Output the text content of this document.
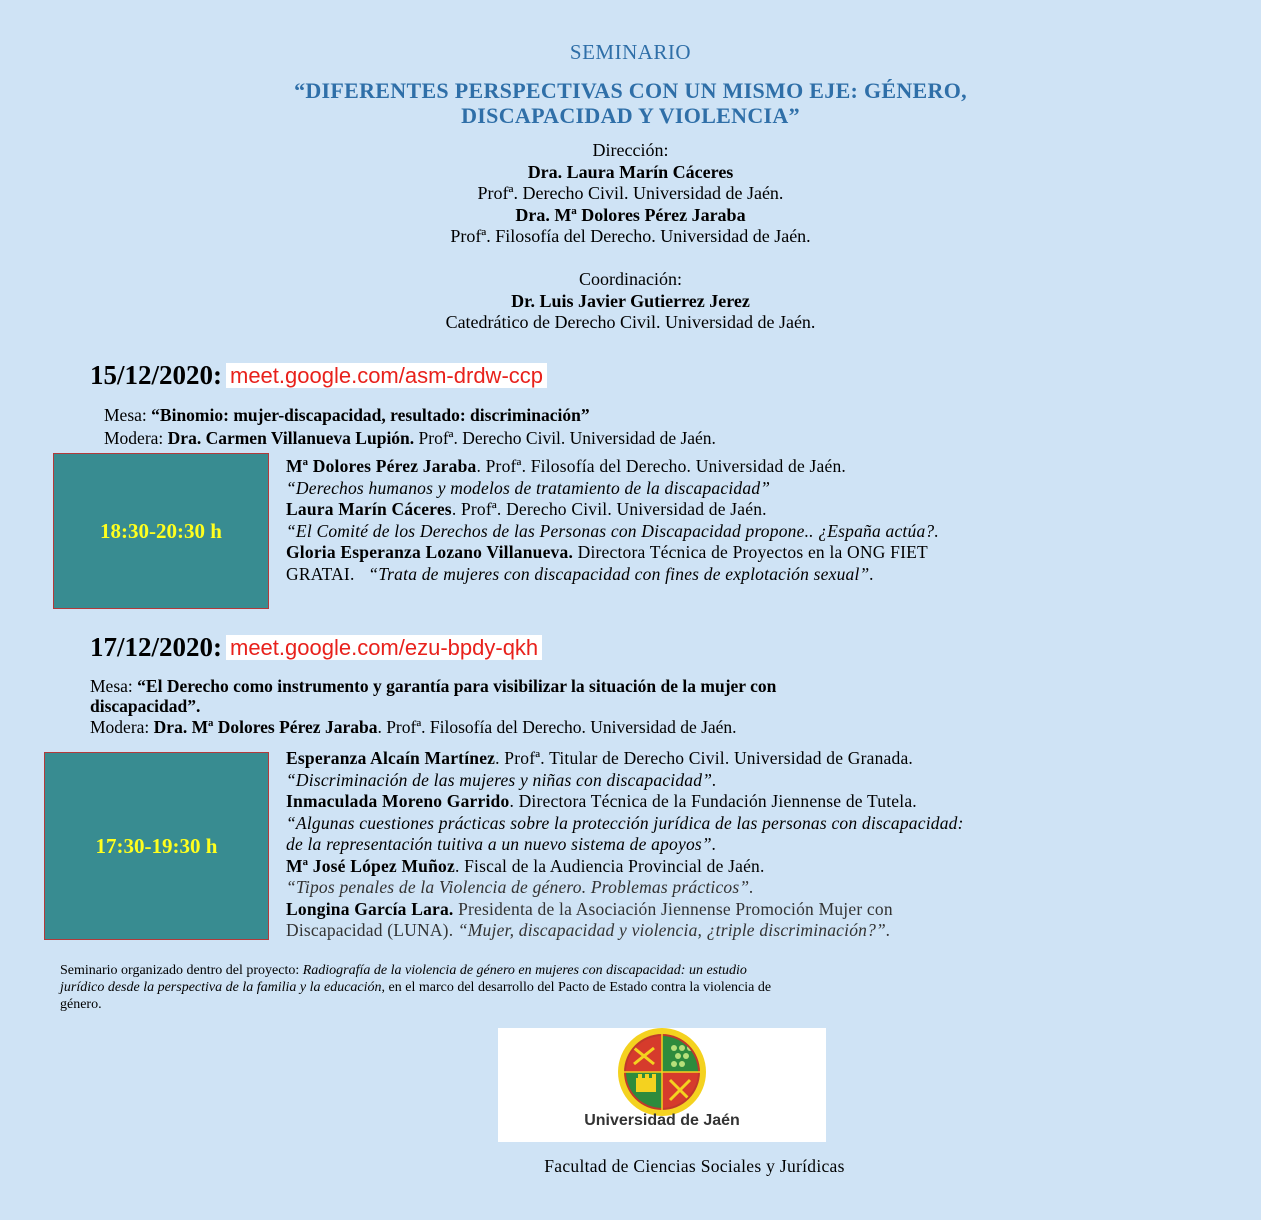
SEMINARIO
“DIFERENTES PERSPECTIVAS CON UN MISMO EJE: GÉNERO,
DISCAPACIDAD Y VIOLENCIA”
Dirección:
Dra. Laura Marín Cáceres
Profª. Derecho Civil. Universidad de Jaén.
Dra. Mª Dolores Pérez Jaraba
Profª. Filosofía del Derecho. Universidad de Jaén.
Coordinación:
Dr. Luis Javier Gutierrez Jerez
Catedrático de Derecho Civil. Universidad de Jaén.
15/12/2020: meet.google.com/asm-drdw-ccp
Mesa: “Binomio: mujer-discapacidad, resultado: discriminación”
Modera: Dra. Carmen Villanueva Lupión. Profª. Derecho Civil. Universidad de Jaén.
18:30-20:30 h
Mª Dolores Pérez Jaraba. Profª. Filosofía del Derecho. Universidad de Jaén.
“Derechos humanos y modelos de tratamiento de la discapacidad”
Laura Marín Cáceres. Profª. Derecho Civil. Universidad de Jaén.
“El Comité de los Derechos de las Personas con Discapacidad propone.. ¿España actúa?.
Gloria Esperanza Lozano Villanueva. Directora Técnica de Proyectos en la ONG FIET
GRATAI.   “Trata de mujeres con discapacidad con fines de explotación sexual”.
17/12/2020: meet.google.com/ezu-bpdy-qkh
Mesa: “El Derecho como instrumento y garantía para visibilizar la situación de la mujer con
discapacidad”.
Modera: Dra. Mª Dolores Pérez Jaraba. Profª. Filosofía del Derecho. Universidad de Jaén.
17:30-19:30 h
Esperanza Alcaín Martínez. Profª. Titular de Derecho Civil. Universidad de Granada.
“Discriminación de las mujeres y niñas con discapacidad”.
Inmaculada Moreno Garrido. Directora Técnica de la Fundación Jiennense de Tutela.
“Algunas cuestiones prácticas sobre la protección jurídica de las personas con discapacidad:
de la representación tuitiva a un nuevo sistema de apoyos”.
Mª José López Muñoz. Fiscal de la Audiencia Provincial de Jaén.
“Tipos penales de la Violencia de género. Problemas prácticos”.
Longina García Lara. Presidenta de la Asociación Jiennense Promoción Mujer con
Discapacidad (LUNA). “Mujer, discapacidad y violencia, ¿triple discriminación?”.
Seminario organizado dentro del proyecto: Radiografía de la violencia de género en mujeres con discapacidad: un estudio
jurídico desde la perspectiva de la familia y la educación, en el marco del desarrollo del Pacto de Estado contra la violencia de
género.
Universidad de Jaén
Facultad de Ciencias Sociales y Jurídicas
